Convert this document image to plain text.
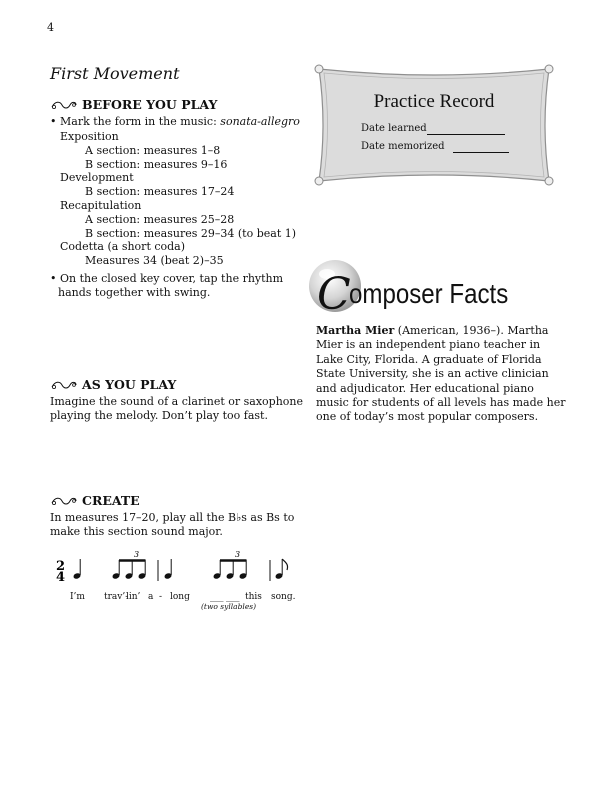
4
First Movement
BEFORE YOU PLAY
• Mark the form in the music: sonata-allegro
Exposition
A section: measures 1–8
B section: measures 9–16
Development
B section: measures 17–24
Recapitulation
A section: measures 25–28
B section: measures 29–34 (to beat 1)
Codetta (a short coda)
Measures 34 (beat 2)–35
• On the closed key cover, tap the rhythm hands together with swing.
AS YOU PLAY
Imagine the sound of a clarinet or saxophone playing the melody. Don’t play too fast.
CREATE
In measures 17–20, play all the B♭s as Bs to make this section sound major.
2
4
3	3
I’m trav’-
lin’ a - long ___ ___ this song.
(two syllables)
Practice Record
Date learned
Date memorized
C
omposer Facts
Martha Mier (American, 1936–). Martha Mier is an independent piano teacher in Lake City, Florida. A graduate of Florida State University, she is an active clinician and adjudicator. Her educational piano music for students of all levels has made her one of today’s most popular composers.
